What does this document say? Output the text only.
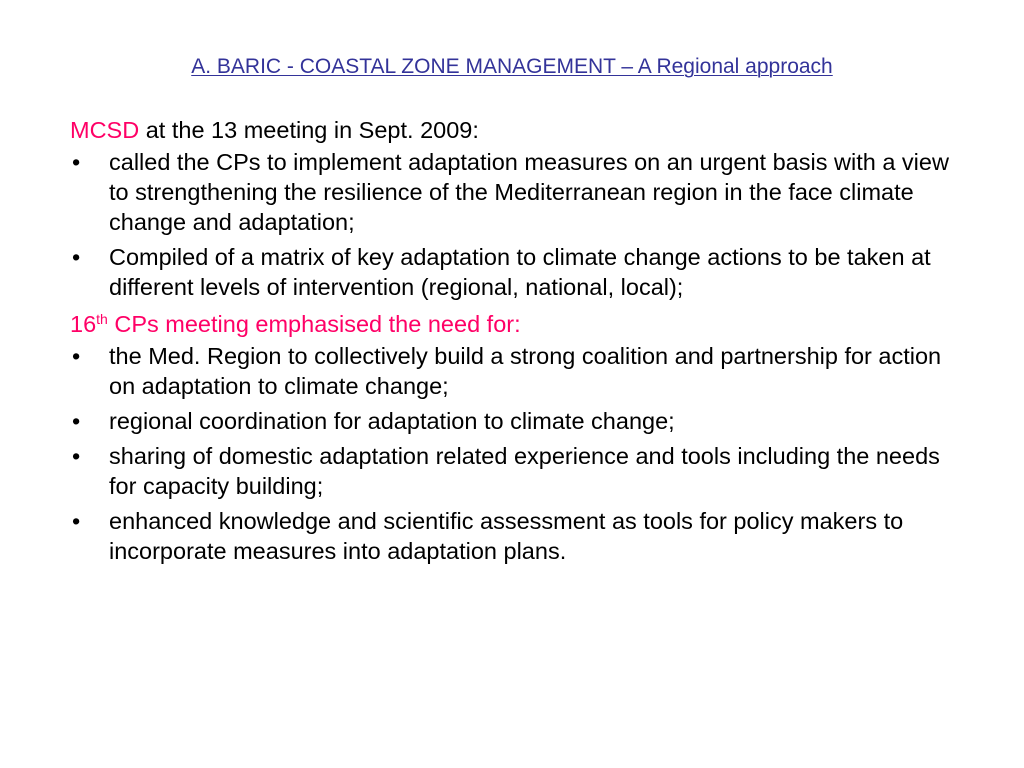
A. BARIC - COASTAL ZONE MANAGEMENT – A Regional approach

MCSD at the 13 meeting in Sept. 2009:

• called the CPs to implement adaptation measures on an urgent basis with a view to strengthening the resilience of the Mediterranean region in the face climate change and adaptation;
• Compiled of a matrix of key adaptation to climate change actions to be taken at different levels of intervention (regional, national, local);

16th CPs meeting emphasised the need for:

• the Med. Region to collectively build a strong coalition and partnership for action on adaptation to climate change;
• regional coordination for adaptation to climate change;
• sharing of domestic adaptation related experience and tools including the needs for capacity building;
• enhanced knowledge and scientific assessment as tools for policy makers to incorporate measures into adaptation plans.
